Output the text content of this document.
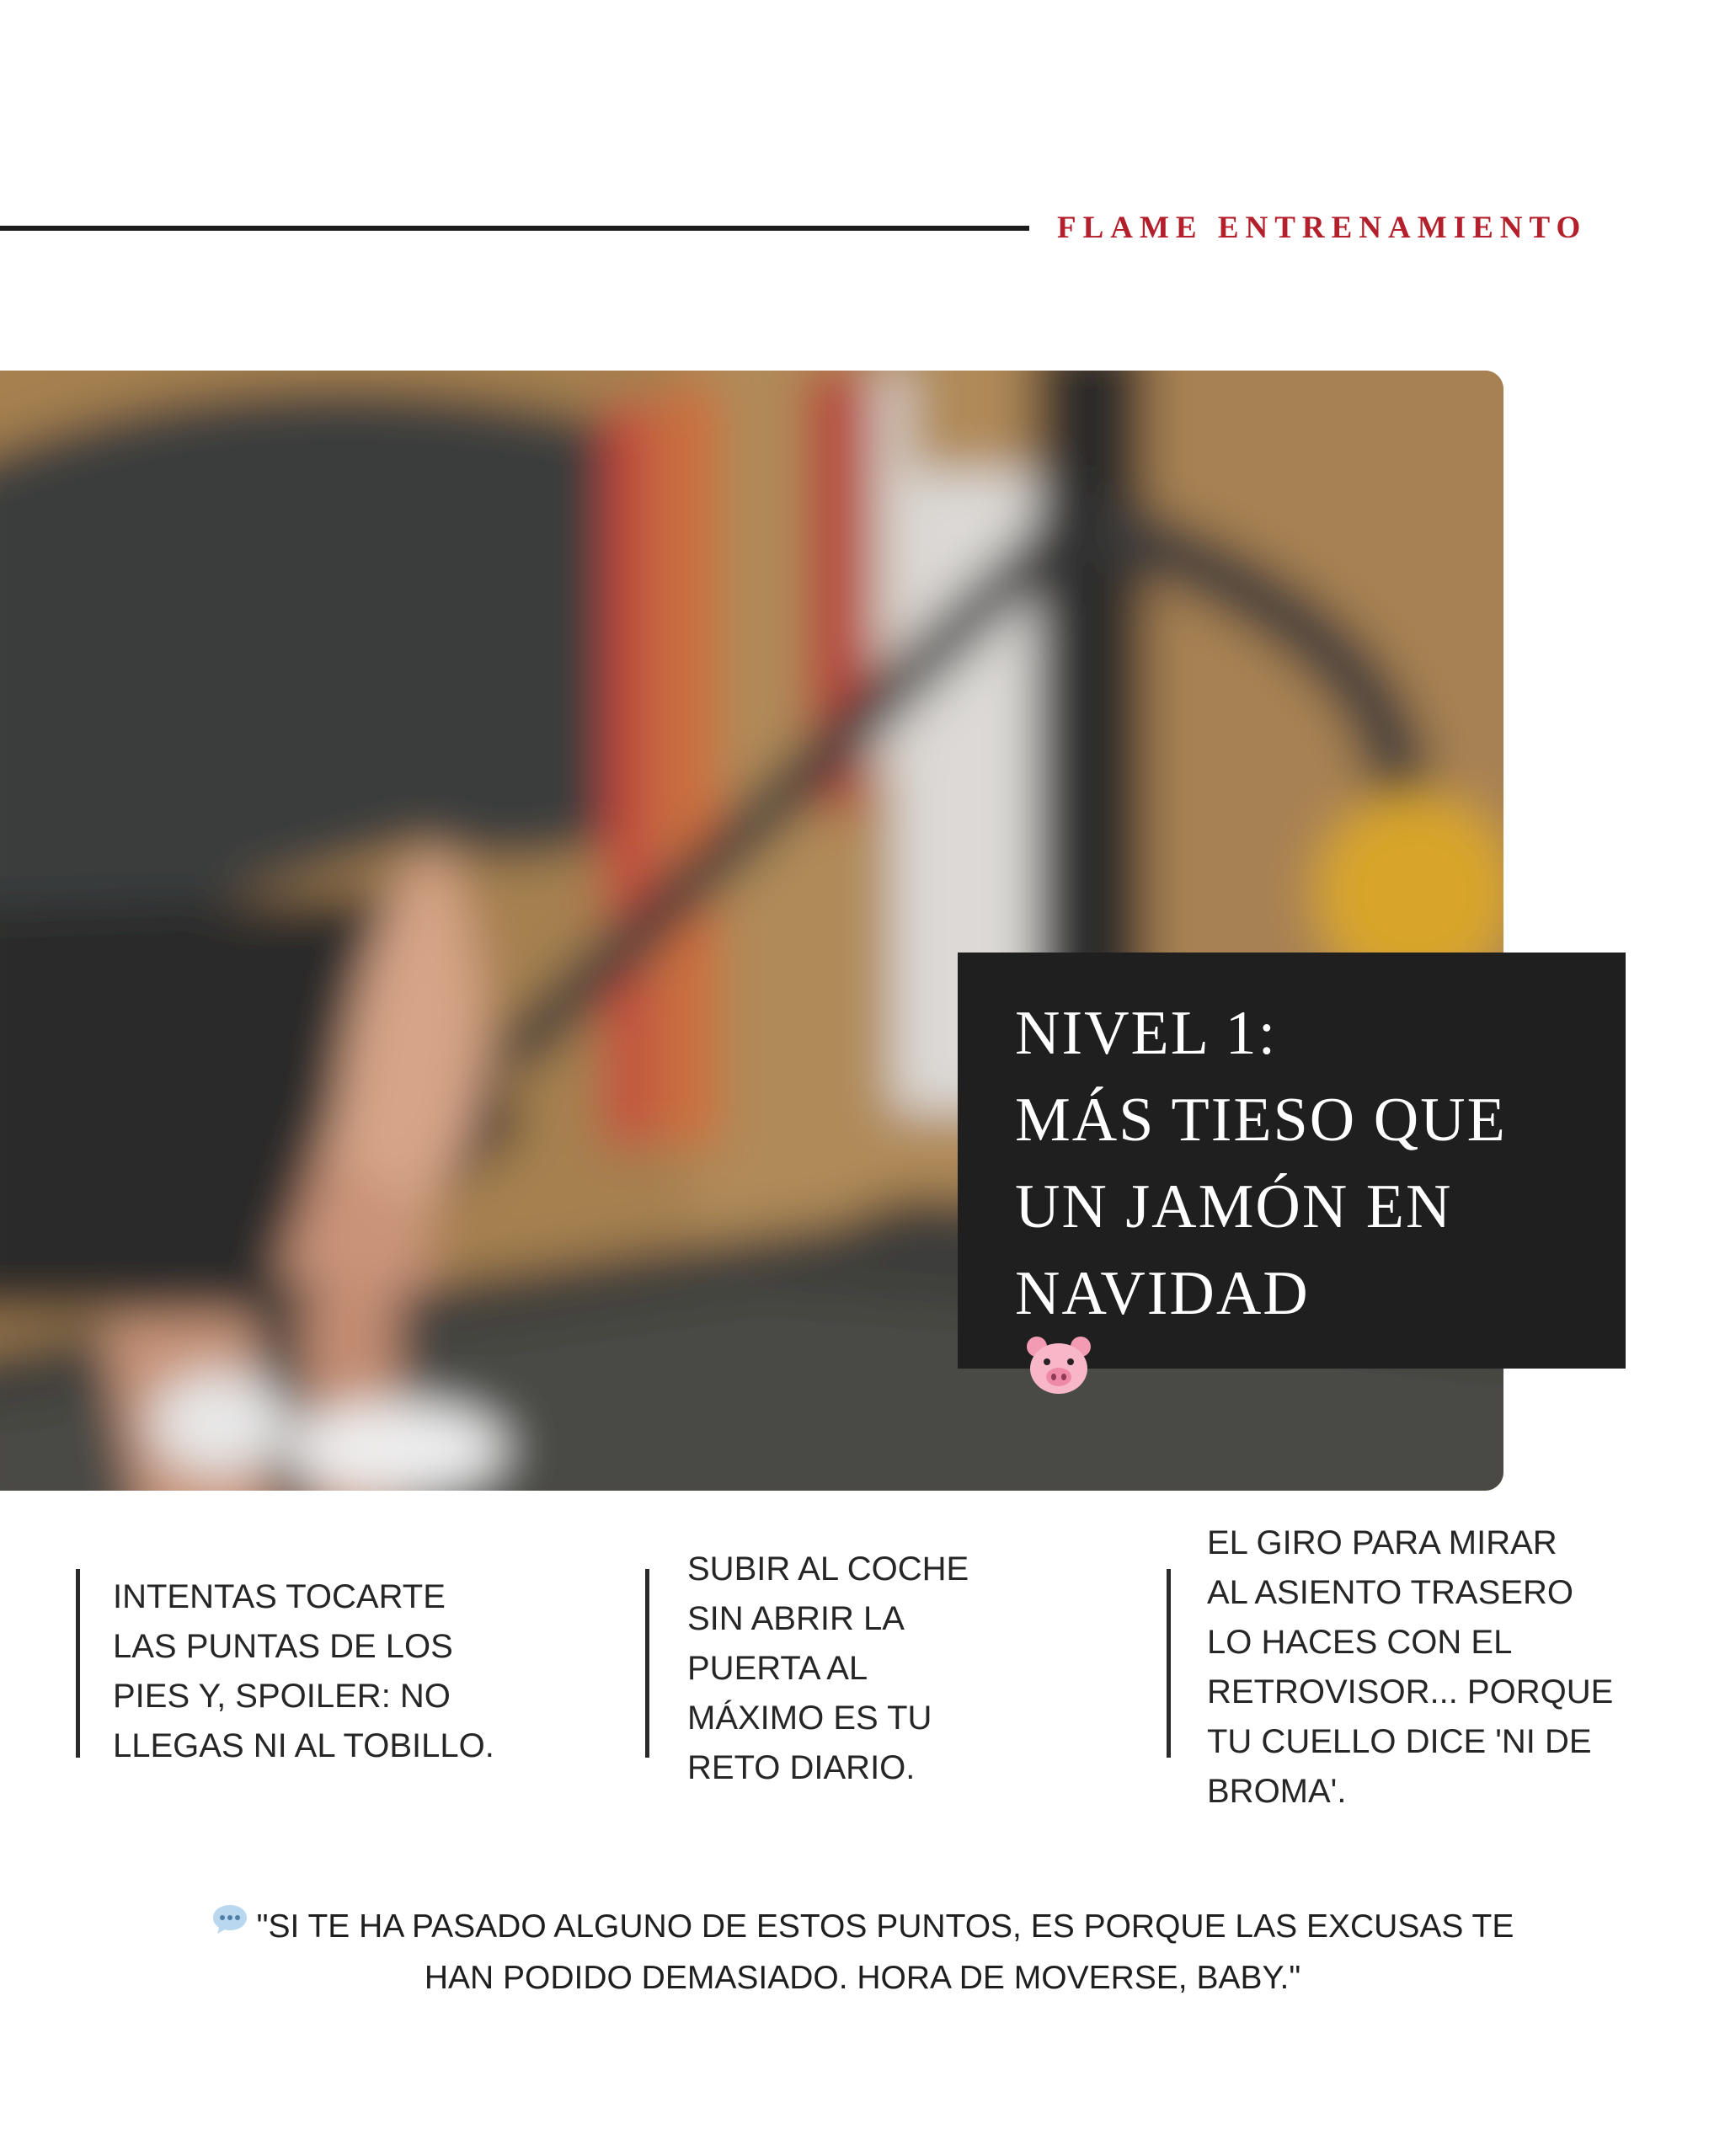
FLAME ENTRENAMIENTO
NIVEL 1:
MÁS TIESO QUE
UN JAMÓN EN
NAVIDAD

INTENTAS TOCARTE
LAS PUNTAS DE LOS
PIES Y, SPOILER: NO
LLEGAS NI AL TOBILLO.

SUBIR AL COCHE
SIN ABRIR LA
PUERTA AL
MÁXIMO ES TU
RETO DIARIO.

EL GIRO PARA MIRAR
AL ASIENTO TRASERO
LO HACES CON EL
RETROVISOR... PORQUE
TU CUELLO DICE 'NI DE
BROMA'.

"SI TE HA PASADO ALGUNO DE ESTOS PUNTOS, ES PORQUE LAS EXCUSAS TE
HAN PODIDO DEMASIADO. HORA DE MOVERSE, BABY."
